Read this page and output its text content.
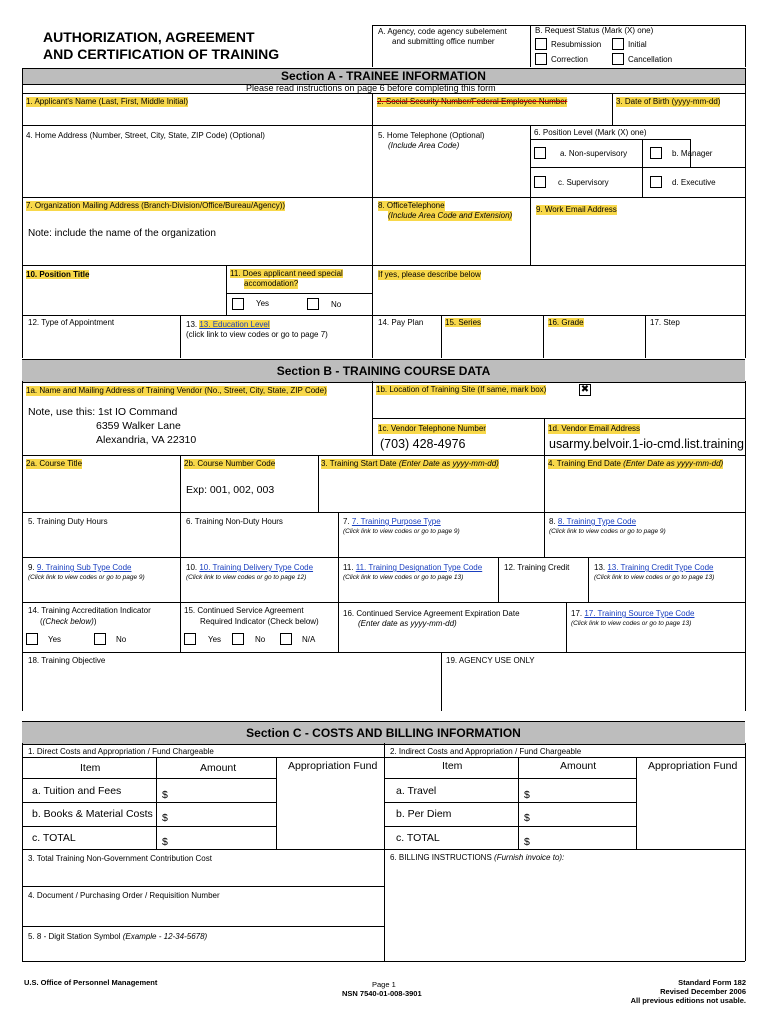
AUTHORIZATION, AGREEMENT
AND CERTIFICATION OF TRAINING
A. Agency, code agency subelement
and submitting office number
B. Request Status (Mark (X) one)
Resubmission	Initial
Correction	Cancellation
Section A - TRAINEE INFORMATION
Please read instructions on page 6 before completing this form
1. Applicant's Name (Last, First, Middle Initial)	2. Social Security Number/Federal Employee Number	3. Date of Birth (yyyy-mm-dd)
4. Home Address (Number, Street, City, State, ZIP Code) (Optional)	5. Home Telephone (Optional)
(Include Area Code)
6. Position Level (Mark (X) one)
a. Non-supervisory	b. Manager
c. Supervisory	d. Executive
7. Organization Mailing Address (Branch-Division/Office/Bureau/Agency))
Note: include the name of the organization
8. OfficeTelephone
(Include Area Code and Extension)
9. Work Email Address
10. Position Title	11. Does applicant need special
accomodation?
Yes	No
If yes, please describe below
12. Type of Appointment	13. 13. Education Level
(click link to view codes or go to page 7)
14. Pay Plan	15. Series	16. Grade	17. Step
Section B - TRAINING COURSE DATA
1a. Name and Mailing Address of Training Vendor (No., Street, City, State, ZIP Code)
Note, use this: 1st IO Command
6359 Walker Lane
Alexandria, VA 22310
1b. Location of Training Site (If same, mark box)	✖
1c. Vendor Telephone Number
(703) 428-4976
1d. Vendor Email Address
usarmy.belvoir.1-io-cmd.list.training
2a. Course Title	2b. Course Number Code
Exp: 001, 002, 003
3. Training Start Date (Enter Date as yyyy-mm-dd)	4. Training End Date (Enter Date as yyyy-mm-dd)
5. Training Duty Hours	6. Training Non-Duty Hours	7. 7. Training Purpose Type
(Click link to view codes or go to page 9)
8. 8. Training Type Code
(Click link to view codes or go to page 9)
9. 9. Training Sub Type Code
(Click link to view codes or go to page 9)
10. 10. Training Delivery Type Code
(Click link to view codes or go to page 12)
11. 11. Training Designation Type Code
(Click link to view codes or go to page 13)
12. Training Credit	13. 13. Training Credit Type Code
(Click link to view codes or go to page 13)
14. Training Accreditation Indicator
((Check below))
Yes	No
15. Continued Service Agreement
Required Indicator (Check below)
Yes	No	N/A
16. Continued Service Agreement Expiration Date
(Enter date as yyyy-mm-dd)
17. 17. Training Source Type Code
(Click link to view codes or go to page 13)
18. Training Objective	19. AGENCY USE ONLY
Section C - COSTS AND BILLING INFORMATION
1. Direct Costs and Appropriation / Fund Chargeable	2. Indirect Costs and Appropriation / Fund Chargeable
Item	Amount	Appropriation Fund	Item	Amount	Appropriation Fund
a. Tuition and Fees	$
b. Books & Material Costs $
c. TOTAL	$
a. Travel	$
b. Per Diem	$
c. TOTAL	$
3. Total Training Non-Government Contribution Cost	6. BILLING INSTRUCTIONS (Furnish invoice to):
4. Document / Purchasing Order / Requisition Number
5. 8 - Digit Station Symbol (Example - 12-34-5678)
U.S. Office of Personnel Management	Page 1
NSN 7540-01-008-3901
Standard Form 182
Revised December 2006
All previous editions not usable.
